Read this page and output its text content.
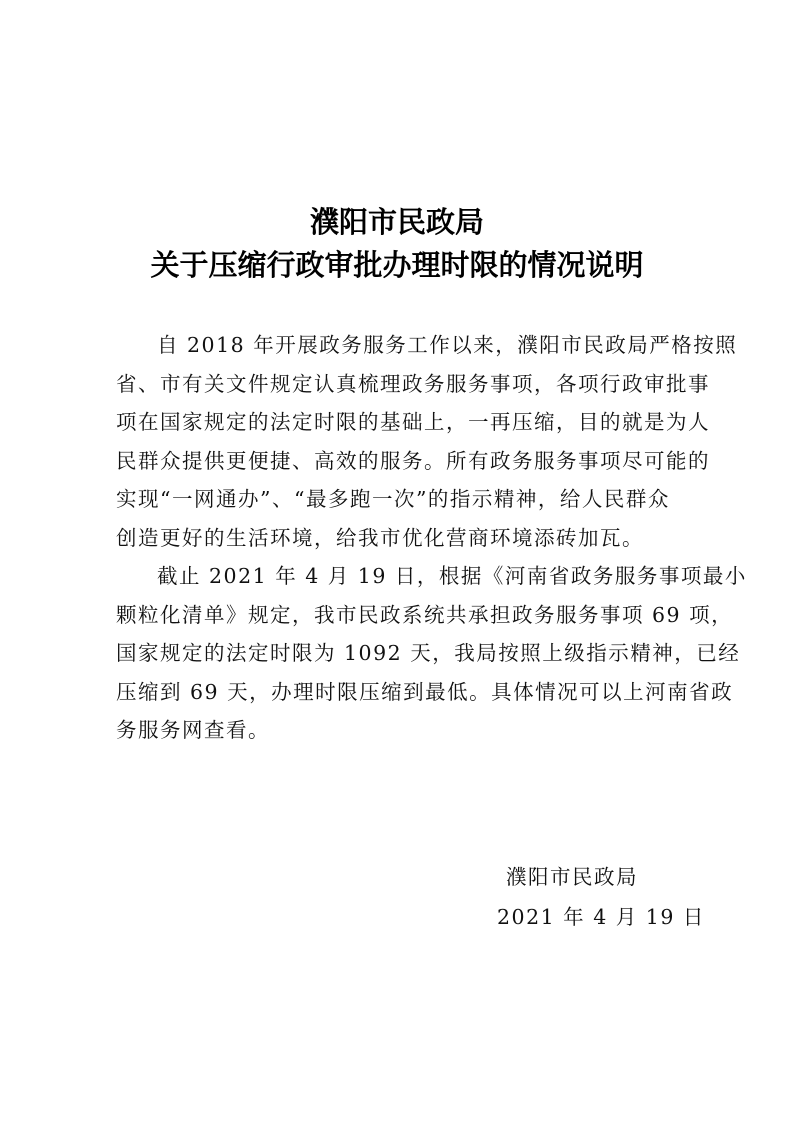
濮阳市民政局
关于压缩行政审批办理时限的情况说明
自 2018 年开展政务服务工作以来，濮阳市民政局严格按照
省、市有关文件规定认真梳理政务服务事项，各项行政审批事
项在国家规定的法定时限的基础上，一再压缩，目的就是为人
民群众提供更便捷、高效的服务。所有政务服务事项尽可能的
实现“一网通办”、“最多跑一次”的指示精神，给人民群众
创造更好的生活环境，给我市优化营商环境添砖加瓦。
截止 2021 年 4 月 19 日，根据《河南省政务服务事项最小
颗粒化清单》规定，我市民政系统共承担政务服务事项 69 项，
国家规定的法定时限为 1092 天，我局按照上级指示精神，已经
压缩到 69 天，办理时限压缩到最低。具体情况可以上河南省政
务服务网查看。
濮阳市民政局
2021 年 4 月 19 日
